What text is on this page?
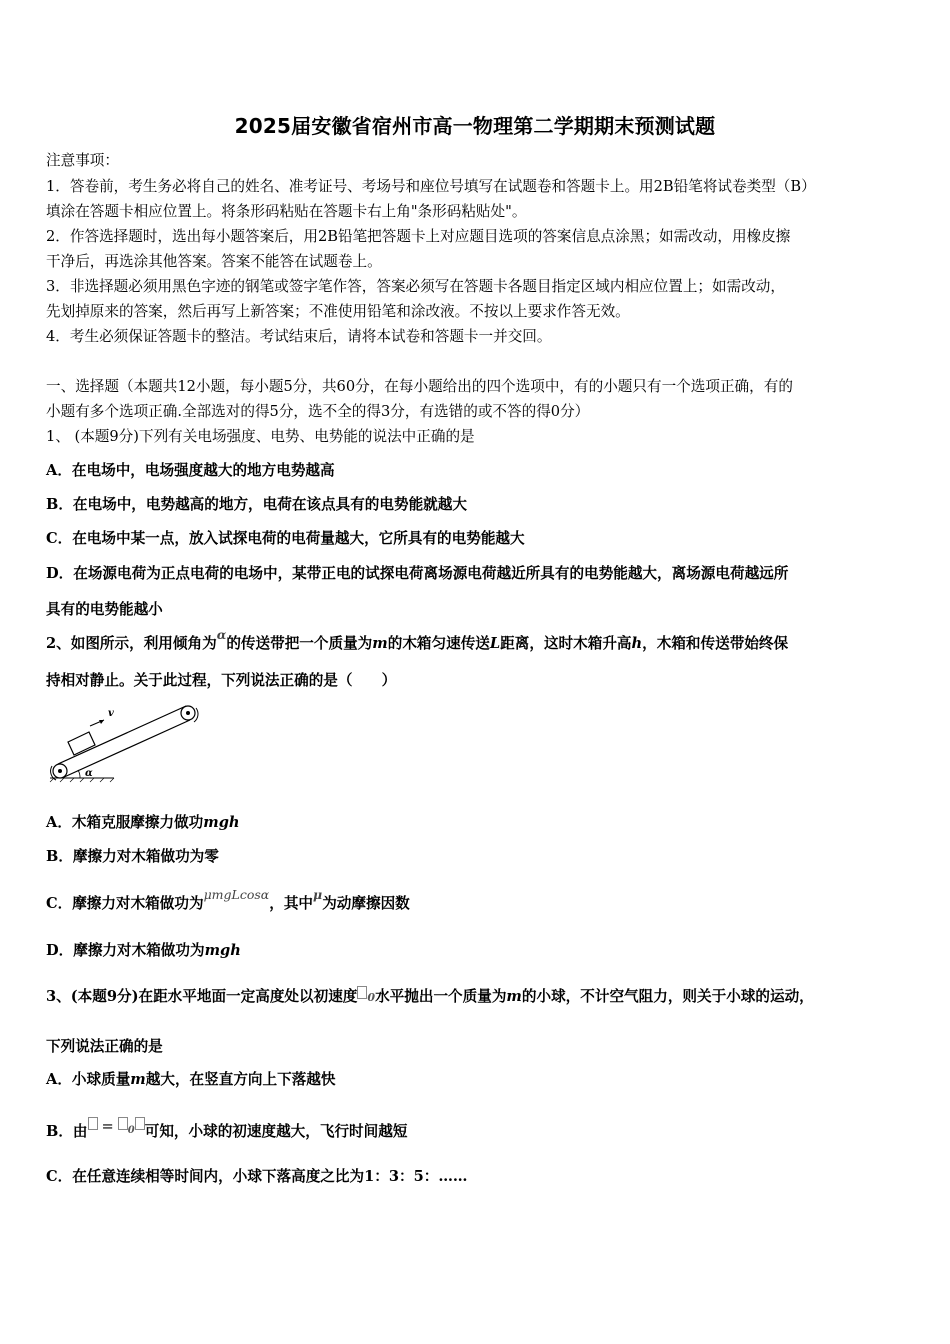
2025届安徽省宿州市高一物理第二学期期末预测试题
注意事项：
1．答卷前，考生务必将自己的姓名、准考证号、考场号和座位号填写在试题卷和答题卡上。用2B铅笔将试卷类型（B）
填涂在答题卡相应位置上。将条形码粘贴在答题卡右上角"条形码粘贴处"。
2．作答选择题时，选出每小题答案后，用2B铅笔把答题卡上对应题目选项的答案信息点涂黑；如需改动，用橡皮擦
干净后，再选涂其他答案。答案不能答在试题卷上。
3．非选择题必须用黑色字迹的钢笔或签字笔作答，答案必须写在答题卡各题目指定区域内相应位置上；如需改动，
先划掉原来的答案，然后再写上新答案；不准使用铅笔和涂改液。不按以上要求作答无效。
4．考生必须保证答题卡的整洁。考试结束后，请将本试卷和答题卡一并交回。
一、选择题（本题共12小题，每小题5分，共60分，在每小题给出的四个选项中，有的小题只有一个选项正确，有的
小题有多个选项正确.全部选对的得5分，选不全的得3分，有选错的或不答的得0分）
1、 (本题9分)下列有关电场强度、电势、电势能的说法中正确的是
A．在电场中，电场强度越大的地方电势越高
B．在电场中，电势越高的地方，电荷在该点具有的电势能就越大
C．在电场中某一点，放入试探电荷的电荷量越大，它所具有的电势能越大
D．在场源电荷为正点电荷的电场中，某带正电的试探电荷离场源电荷越近所具有的电势能越大，离场源电荷越远所
具有的电势能越小
2、如图所示，利用倾角为α的传送带把一个质量为m的木箱匀速传送L距离，这时木箱升高h，木箱和传送带始终保
持相对静止。关于此过程，下列说法正确的是（　　）
v
α
A．木箱克服摩擦力做功mgh
B．摩擦力对木箱做功为零
C．摩擦力对木箱做功为μmgLcosα，其中μ为动摩擦因数
D．摩擦力对木箱做功为mgh
3、(本题9分)在距水平地面一定高度处以初速度 0水平抛出一个质量为m的小球，不计空气阻力，则关于小球的运动，
下列说法正确的是
A．小球质量m越大，在竖直方向上下落越快
B．由 = $^0$ 可知，小球的初速度越大，飞行时间越短
C．在任意连续相等时间内，小球下落高度之比为1：3：5：……
